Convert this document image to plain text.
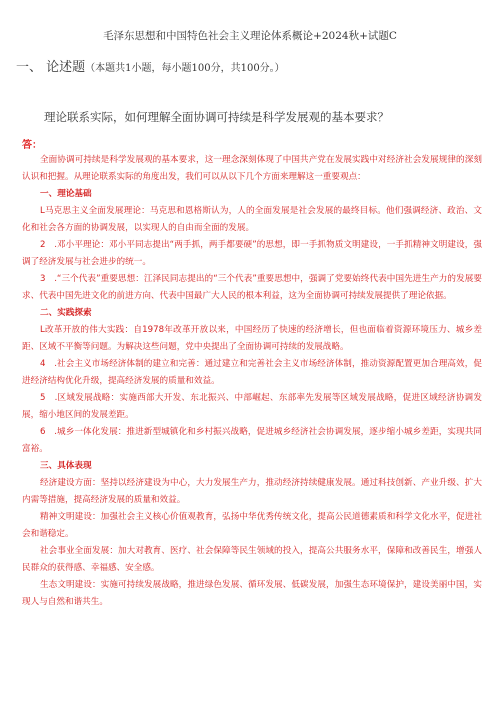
毛泽东思想和中国特色社会主义理论体系概论+2024秋+试题C
一、 论述题（本题共1小题，每小题100分，共100分。）
理论联系实际，如何理解全面协调可持续是科学发展观的基本要求？
答：

全面协调可持续是科学发展观的基本要求，这一理念深刻体现了中国共产党在发展实践中对经济社会发展规律的深刻认识和把握。从理论联系实际的角度出发，我们可以从以下几个方面来理解这一重要观点：

一、理论基础

L马克思主义全面发展理论：马克思和恩格斯认为，人的全面发展是社会发展的最终目标。他们强调经济、政治、文化和社会各方面的协调发展，以实现人的自由而全面的发展。

2　.邓小平理论：邓小平同志提出“两手抓，两手都要硬”的思想，即一手抓物质文明建设，一手抓精神文明建设，强调了经济发展与社会进步的统一。

3　.“三个代表”重要思想：江泽民同志提出的“三个代表”重要思想中，强调了党要始终代表中国先进生产力的发展要求、代表中国先进文化的前进方向、代表中国最广大人民的根本利益，这为全面协调可持续发展提供了理论依据。

二、实践探索

L改革开放的伟大实践：自1978年改革开放以来，中国经历了快速的经济增长，但也面临着资源环境压力、城乡差距、区域不平衡等问题。为解决这些问题，党中央提出了全面协调可持续的发展战略。

4　.社会主义市场经济体制的建立和完善：通过建立和完善社会主义市场经济体制，推动资源配置更加合理高效，促进经济结构优化升级，提高经济发展的质量和效益。

5　.区域发展战略：实施西部大开发、东北振兴、中部崛起、东部率先发展等区域发展战略，促进区域经济协调发展，缩小地区间的发展差距。

6　.城乡一体化发展：推进新型城镇化和乡村振兴战略，促进城乡经济社会协调发展，逐步缩小城乡差距，实现共同富裕。

三、具体表现

经济建设方面：坚持以经济建设为中心，大力发展生产力，推动经济持续健康发展。通过科技创新、产业升级、扩大内需等措施，提高经济发展的质量和效益。

精神文明建设：加强社会主义核心价值观教育，弘扬中华优秀传统文化，提高公民道德素质和科学文化水平，促进社会和谐稳定。

社会事业全面发展：加大对教育、医疗、社会保障等民生领域的投入，提高公共服务水平，保障和改善民生，增强人民群众的获得感、幸福感、安全感。

生态文明建设：实施可持续发展战略，推进绿色发展、循环发展、低碳发展，加强生态环境保护，建设美丽中国，实现人与自然和谐共生。
